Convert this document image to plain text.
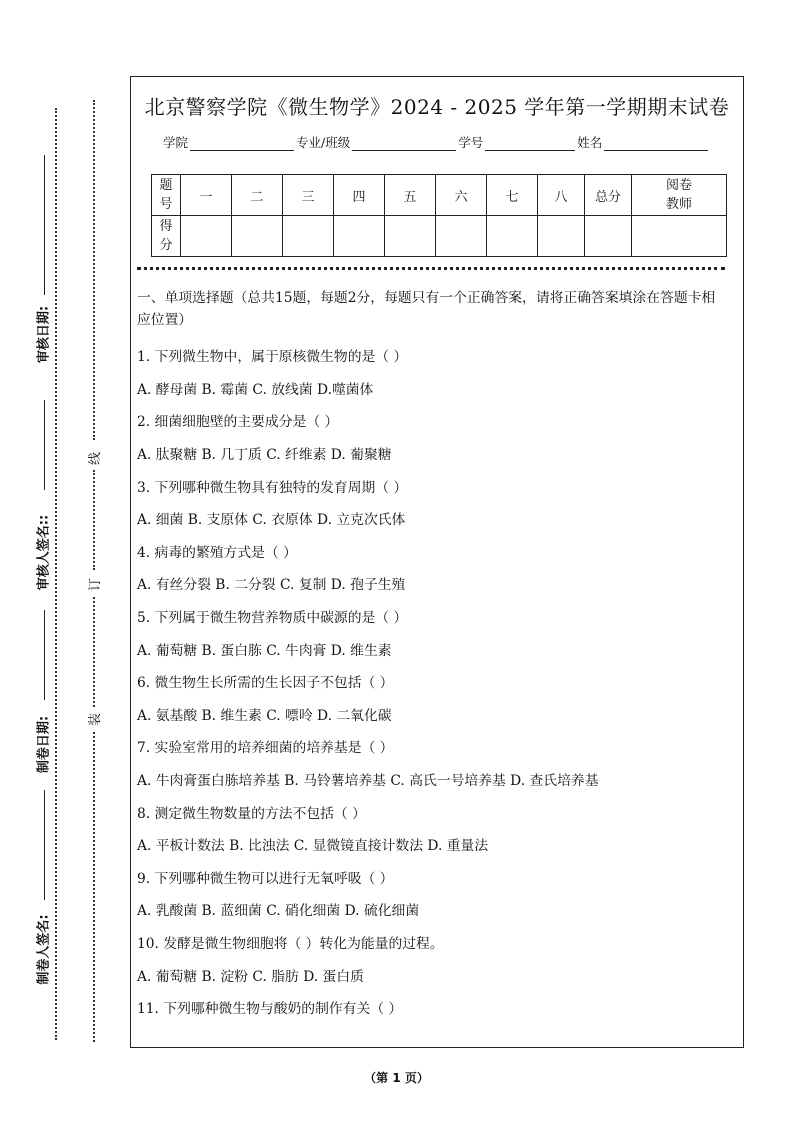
审核日期:
审核人签名::
制卷日期:
制卷人签名:
线
订
装
北京警察学院《微生物学》2024 - 2025 学年第一学期期末试卷
学院	专业/班级	学号	姓名
题号	一	二	三	四	五	六	七	八	总分	阅卷教师
得分										

一、单项选择题（总共15题，每题2分，每题只有一个正确答案，请将正确答案填涂在答题卡相应位置）

1. 下列微生物中，属于原核微生物的是（ ）

A. 酵母菌 B. 霉菌 C. 放线菌 D.噬菌体

2. 细菌细胞壁的主要成分是（ ）

A. 肽聚糖 B. 几丁质 C. 纤维素 D. 葡聚糖

3. 下列哪种微生物具有独特的发育周期（ ）

A. 细菌 B. 支原体 C. 衣原体 D. 立克次氏体

4. 病毒的繁殖方式是（ ）

A. 有丝分裂 B. 二分裂 C. 复制 D. 孢子生殖

5. 下列属于微生物营养物质中碳源的是（ ）

A. 葡萄糖 B. 蛋白胨 C. 牛肉膏 D. 维生素

6. 微生物生长所需的生长因子不包括（ ）

A. 氨基酸 B. 维生素 C. 嘌呤 D. 二氧化碳

7. 实验室常用的培养细菌的培养基是（ ）

A. 牛肉膏蛋白胨培养基 B. 马铃薯培养基 C. 高氏一号培养基 D. 查氏培养基

8. 测定微生物数量的方法不包括（ ）

A. 平板计数法 B. 比浊法 C. 显微镜直接计数法 D. 重量法

9. 下列哪种微生物可以进行无氧呼吸（ ）

A. 乳酸菌 B. 蓝细菌 C. 硝化细菌 D. 硫化细菌

10. 发酵是微生物细胞将（ ）转化为能量的过程。

A. 葡萄糖 B. 淀粉 C. 脂肪 D. 蛋白质

11. 下列哪种微生物与酸奶的制作有关（ ）

（第 1 页）
